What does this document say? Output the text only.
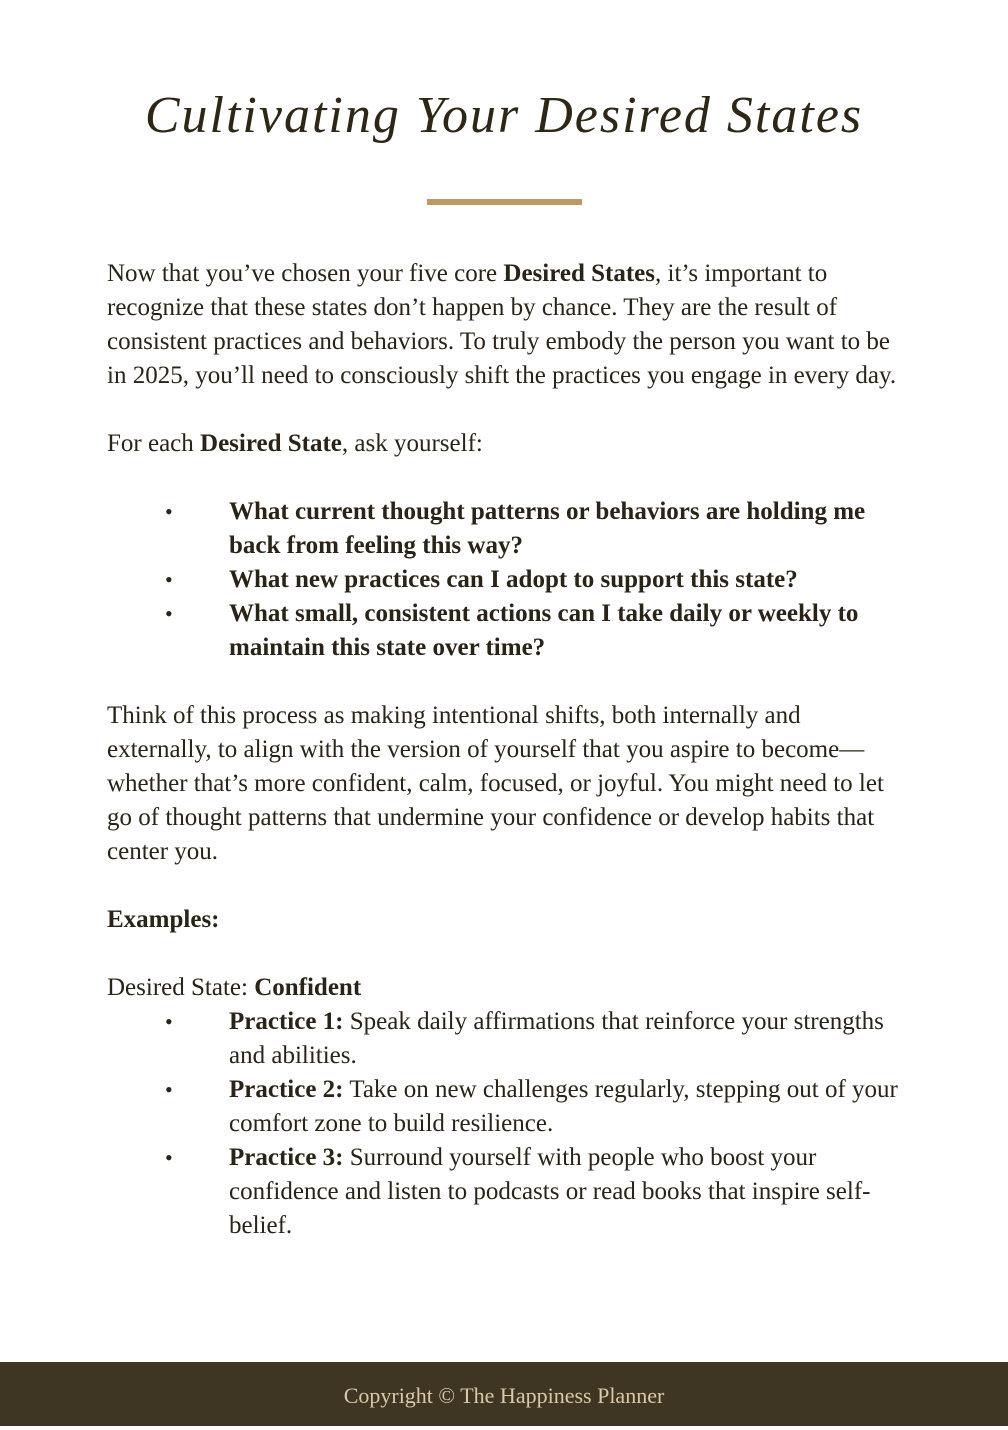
Cultivating Your Desired States

Now that you’ve chosen your five core Desired States, it’s important to recognize that these states don’t happen by chance. They are the result of consistent practices and behaviors. To truly embody the person you want to be in 2025, you’ll need to consciously shift the practices you engage in every day.

For each Desired State, ask yourself:

• What current thought patterns or behaviors are holding me back from feeling this way?
• What new practices can I adopt to support this state?
• What small, consistent actions can I take daily or weekly to maintain this state over time?

Think of this process as making intentional shifts, both internally and externally, to align with the version of yourself that you aspire to become—whether that’s more confident, calm, focused, or joyful. You might need to let go of thought patterns that undermine your confidence or develop habits that center you.

Examples:

Desired State: Confident

• Practice 1: Speak daily affirmations that reinforce your strengths and abilities.
• Practice 2: Take on new challenges regularly, stepping out of your comfort zone to build resilience.
• Practice 3: Surround yourself with people who boost your confidence and listen to podcasts or read books that inspire self-belief.
Copyright © The Happiness Planner
